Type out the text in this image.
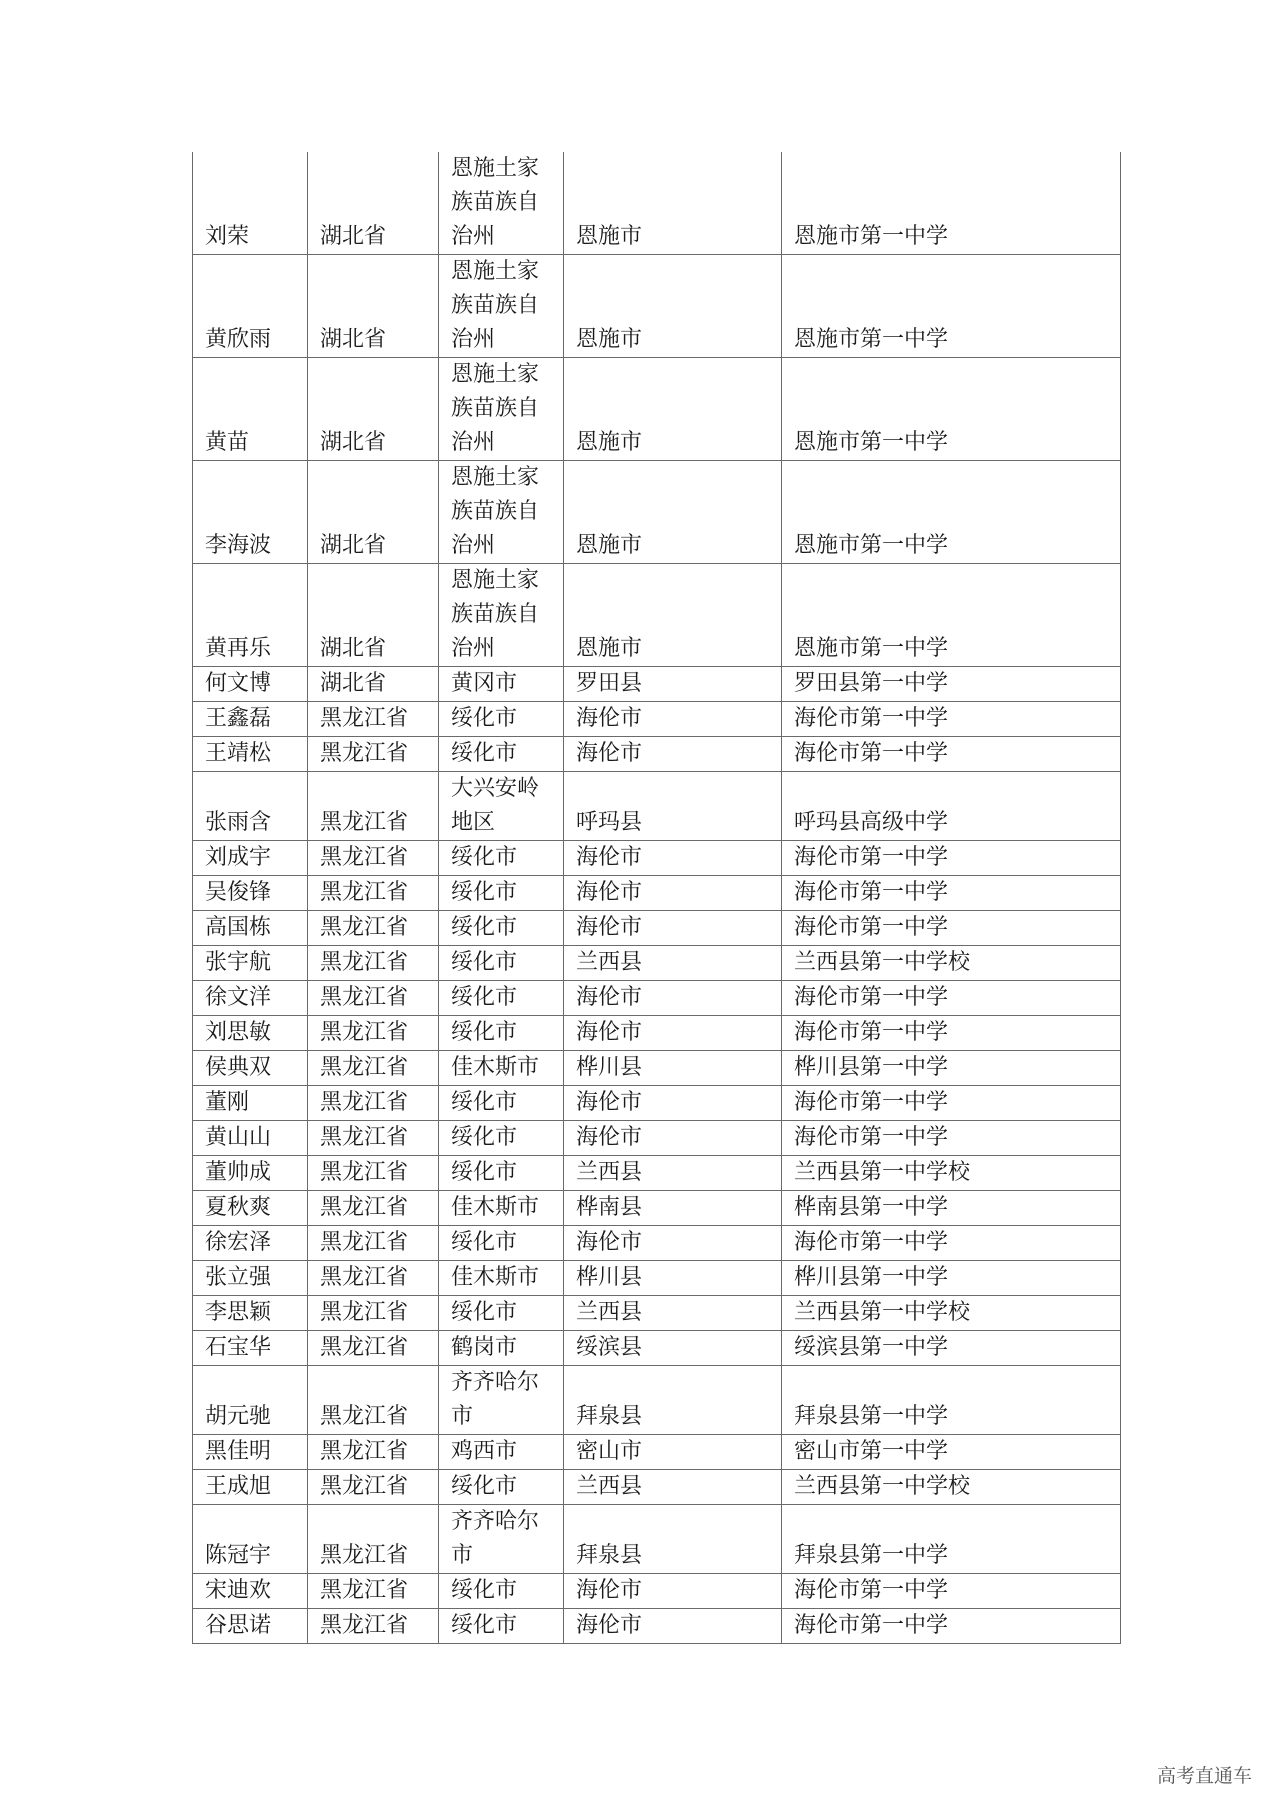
刘荣	湖北省	恩施土家
族苗族自
治州	恩施市	恩施市第一中学
黄欣雨	湖北省	恩施土家
族苗族自
治州	恩施市	恩施市第一中学
黄苗	湖北省	恩施土家
族苗族自
治州	恩施市	恩施市第一中学
李海波	湖北省	恩施土家
族苗族自
治州	恩施市	恩施市第一中学
黄再乐	湖北省	恩施土家
族苗族自
治州	恩施市	恩施市第一中学
何文博	湖北省	黄冈市	罗田县	罗田县第一中学
王鑫磊	黑龙江省	绥化市	海伦市	海伦市第一中学
王靖松	黑龙江省	绥化市	海伦市	海伦市第一中学
张雨含	黑龙江省	大兴安岭
地区	呼玛县	呼玛县高级中学
刘成宇	黑龙江省	绥化市	海伦市	海伦市第一中学
吴俊锋	黑龙江省	绥化市	海伦市	海伦市第一中学
高国栋	黑龙江省	绥化市	海伦市	海伦市第一中学
张宇航	黑龙江省	绥化市	兰西县	兰西县第一中学校
徐文洋	黑龙江省	绥化市	海伦市	海伦市第一中学
刘思敏	黑龙江省	绥化市	海伦市	海伦市第一中学
侯典双	黑龙江省	佳木斯市	桦川县	桦川县第一中学
董刚	黑龙江省	绥化市	海伦市	海伦市第一中学
黄山山	黑龙江省	绥化市	海伦市	海伦市第一中学
董帅成	黑龙江省	绥化市	兰西县	兰西县第一中学校
夏秋爽	黑龙江省	佳木斯市	桦南县	桦南县第一中学
徐宏泽	黑龙江省	绥化市	海伦市	海伦市第一中学
张立强	黑龙江省	佳木斯市	桦川县	桦川县第一中学
李思颖	黑龙江省	绥化市	兰西县	兰西县第一中学校
石宝华	黑龙江省	鹤岗市	绥滨县	绥滨县第一中学
胡元驰	黑龙江省	齐齐哈尔
市	拜泉县	拜泉县第一中学
黑佳明	黑龙江省	鸡西市	密山市	密山市第一中学
王成旭	黑龙江省	绥化市	兰西县	兰西县第一中学校
陈冠宇	黑龙江省	齐齐哈尔
市	拜泉县	拜泉县第一中学
宋迪欢	黑龙江省	绥化市	海伦市	海伦市第一中学
谷思诺	黑龙江省	绥化市	海伦市	海伦市第一中学
高考直通车
